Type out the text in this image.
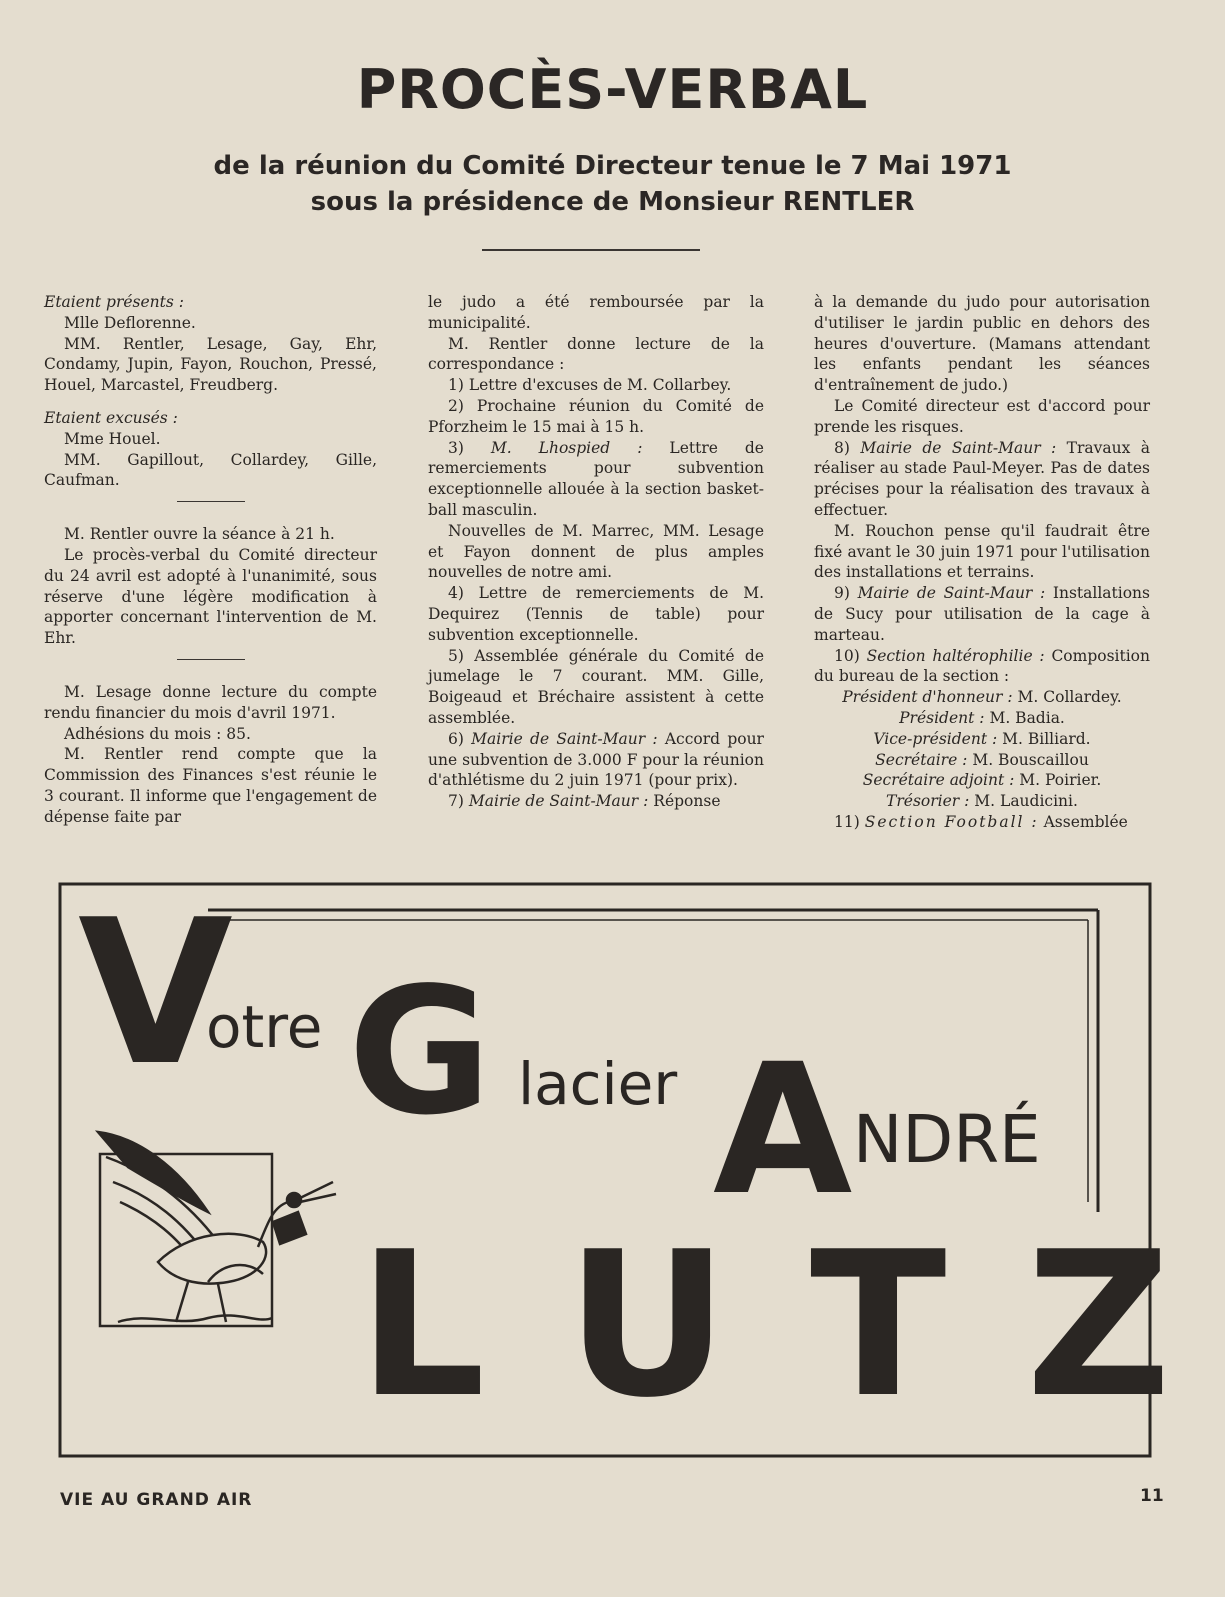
PROCÈS-VERBAL
de la réunion du Comité Directeur tenue le 7 Mai 1971
sous la présidence de Monsieur RENTLER

Etaient présents :

Mlle Deflorenne.

MM. Rentler, Lesage, Gay, Ehr, Condamy, Jupin, Fayon, Rouchon, Pressé, Houel, Marcastel, Freudberg.

Etaient excusés :

Mme Houel.

MM. Gapillout, Collardey, Gille, Caufman.

M. Rentler ouvre la séance à 21 h.

Le procès-verbal du Comité directeur du 24 avril est adopté à l'unanimité, sous réserve d'une légère modification à apporter concernant l'intervention de M. Ehr.

M. Lesage donne lecture du compte rendu financier du mois d'avril 1971.

Adhésions du mois : 85.

M. Rentler rend compte que la Commission des Finances s'est réunie le 3 courant. Il informe que l'engagement de dépense faite par

le judo a été remboursée par la municipalité.

M. Rentler donne lecture de la correspondance :

1) Lettre d'excuses de M. Collarbey.

2) Prochaine réunion du Comité de Pforzheim le 15 mai à 15 h.

3) M. Lhospied : Lettre de remerciements pour subvention exceptionnelle allouée à la section basket-ball masculin.

Nouvelles de M. Marrec, MM. Lesage et Fayon donnent de plus amples nouvelles de notre ami.

4) Lettre de remerciements de M. Dequirez (Tennis de table) pour subvention exceptionnelle.

5) Assemblée générale du Comité de jumelage le 7 courant. MM. Gille, Boigeaud et Bréchaire assistent à cette assemblée.

6) Mairie de Saint-Maur : Accord pour une subvention de 3.000 F pour la réunion d'athlétisme du 2 juin 1971 (pour prix).

7) Mairie de Saint-Maur : Réponse

à la demande du judo pour autorisation d'utiliser le jardin public en dehors des heures d'ouverture. (Mamans attendant les enfants pendant les séances d'entraînement de judo.)

Le Comité directeur est d'accord pour prende les risques.

8) Mairie de Saint-Maur : Travaux à réaliser au stade Paul-Meyer. Pas de dates précises pour la réalisation des travaux à effectuer.

M. Rouchon pense qu'il faudrait être fixé avant le 30 juin 1971 pour l'utilisation des installations et terrains.

9) Mairie de Saint-Maur : Installations de Sucy pour utilisation de la cage à marteau.

10) Section haltérophilie : Composition du bureau de la section :

Président d'honneur : M. Collardey.

Président : M. Badia.

Vice-président : M. Billiard.

Secrétaire : M. Bouscaillou

Secrétaire adjoint : M. Poirier.

Trésorier : M. Laudicini.

11) Section Football : Assemblée

V
otre G lacier A NDRÉ
L U T Z
VIE AU GRAND AIR	11
